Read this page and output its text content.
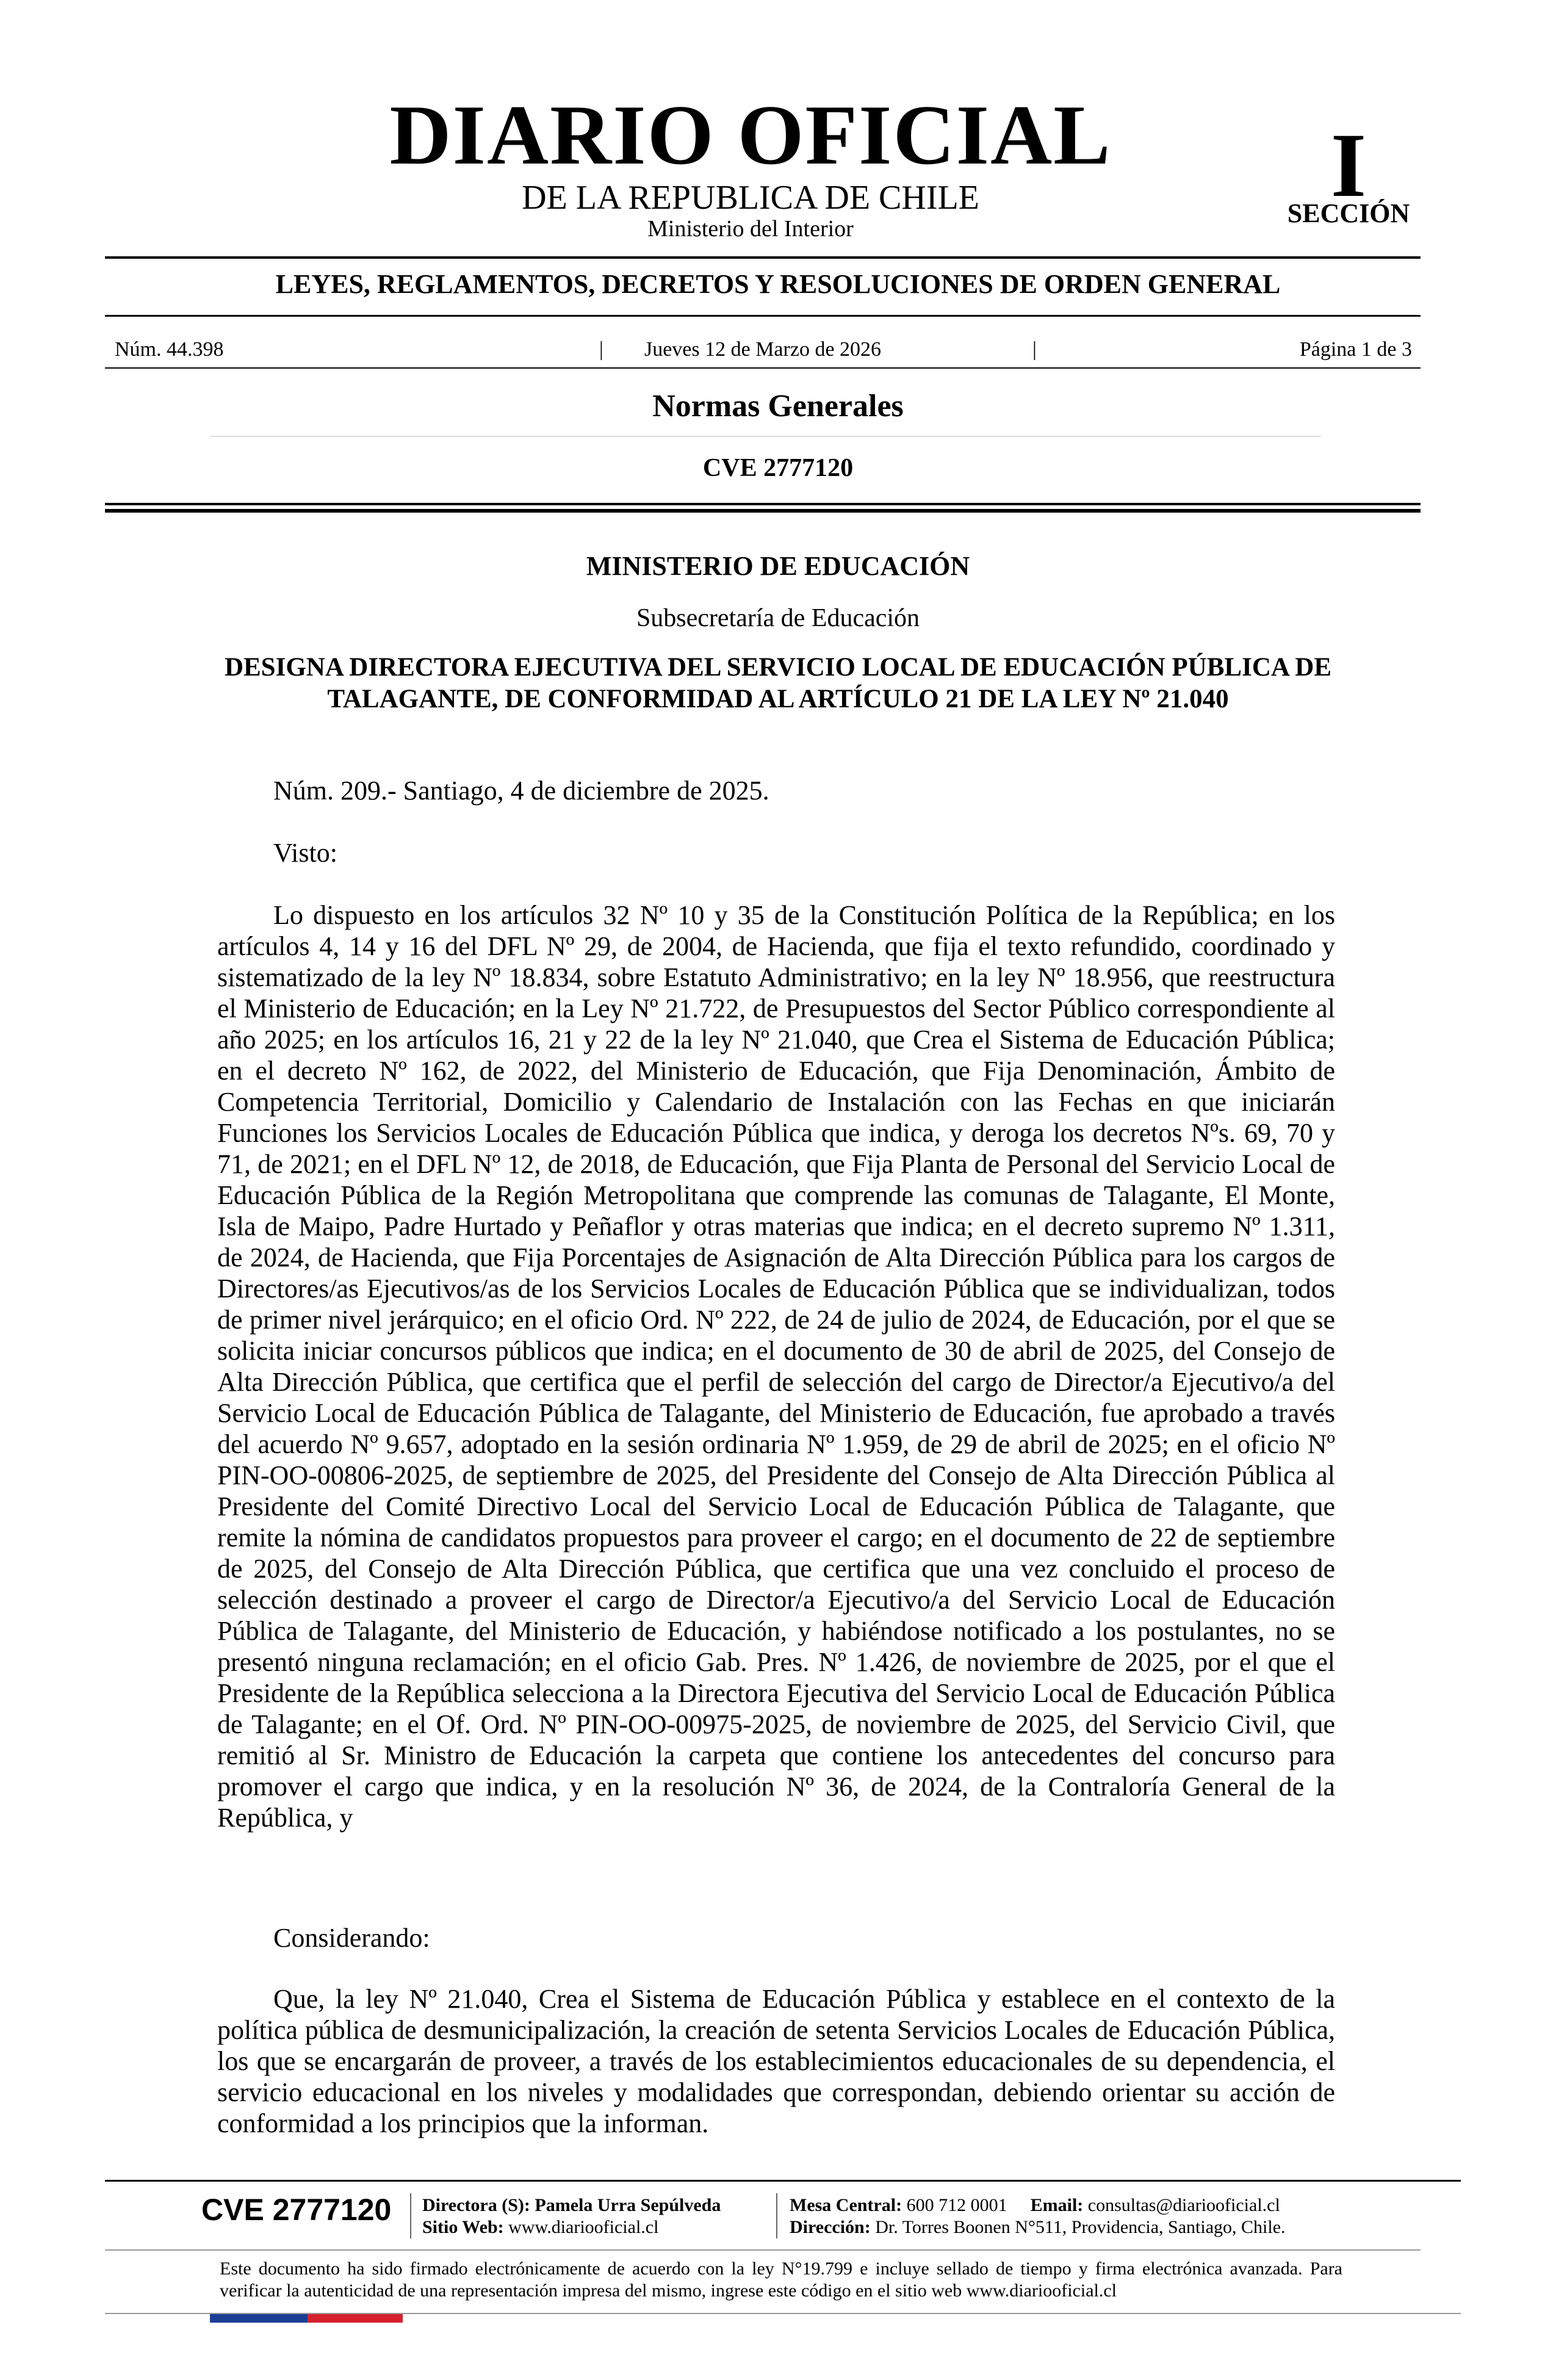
DIARIO OFICIAL
DE LA REPUBLICA DE CHILE
Ministerio del Interior
I
SECCIÓN
LEYES, REGLAMENTOS, DECRETOS Y RESOLUCIONES DE ORDEN GENERAL
Núm. 44.398	|	Jueves 12 de Marzo de 2026	|	Página 1 de 3
Normas Generales
CVE 2777120
MINISTERIO DE EDUCACIÓN
Subsecretaría de Educación
DESIGNA DIRECTORA EJECUTIVA DEL SERVICIO LOCAL DE EDUCACIÓN PÚBLICA DE TALAGANTE, DE CONFORMIDAD AL ARTÍCULO 21 DE LA LEY Nº 21.040
Núm. 209.- Santiago, 4 de diciembre de 2025.
Visto:
Lo dispuesto en los artículos 32 Nº 10 y 35 de la Constitución Política de la República; en los artículos 4, 14 y 16 del DFL Nº 29, de 2004, de Hacienda, que fija el texto refundido, coordinado y sistematizado de la ley Nº 18.834, sobre Estatuto Administrativo; en la ley Nº 18.956, que reestructura el Ministerio de Educación; en la Ley Nº 21.722, de Presupuestos del Sector Público correspondiente al año 2025; en los artículos 16, 21 y 22 de la ley Nº 21.040, que Crea el Sistema de Educación Pública; en el decreto Nº 162, de 2022, del Ministerio de Educación, que Fija Denominación, Ámbito de Competencia Territorial, Domicilio y Calendario de Instalación con las Fechas en que iniciarán Funciones los Servicios Locales de Educación Pública que indica, y deroga los decretos Nºs. 69, 70 y 71, de 2021; en el DFL Nº 12, de 2018, de Educación, que Fija Planta de Personal del Servicio Local de Educación Pública de la Región Metropolitana que comprende las comunas de Talagante, El Monte, Isla de Maipo, Padre Hurtado y Peñaflor y otras materias que indica; en el decreto supremo Nº 1.311, de 2024, de Hacienda, que Fija Porcentajes de Asignación de Alta Dirección Pública para los cargos de Directores/as Ejecutivos/as de los Servicios Locales de Educación Pública que se individualizan, todos de primer nivel jerárquico; en el oficio Ord. Nº 222, de 24 de julio de 2024, de Educación, por el que se solicita iniciar concursos públicos que indica; en el documento de 30 de abril de 2025, del Consejo de Alta Dirección Pública, que certifica que el perfil de selección del cargo de Director/a Ejecutivo/a del Servicio Local de Educación Pública de Talagante, del Ministerio de Educación, fue aprobado a través del acuerdo Nº 9.657, adoptado en la sesión ordinaria Nº 1.959, de 29 de abril de 2025; en el oficio Nº PIN-OO-00806-2025, de septiembre de 2025, del Presidente del Consejo de Alta Dirección Pública al Presidente del Comité Directivo Local del Servicio Local de Educación Pública de Talagante, que remite la nómina de candidatos propuestos para proveer el cargo; en el documento de 22 de septiembre de 2025, del Consejo de Alta Dirección Pública, que certifica que una vez concluido el proceso de selección destinado a proveer el cargo de Director/a Ejecutivo/a del Servicio Local de Educación Pública de Talagante, del Ministerio de Educación, y habiéndose notificado a los postulantes, no se presentó ninguna reclamación; en el oficio Gab. Pres. Nº 1.426, de noviembre de 2025, por el que el Presidente de la República selecciona a la Directora Ejecutiva del Servicio Local de Educación Pública de Talagante; en el Of. Ord. Nº PIN-OO-00975-2025, de noviembre de 2025, del Servicio Civil, que remitió al Sr. Ministro de Educación la carpeta que contiene los antecedentes del concurso para promover el cargo que indica, y en la resolución Nº 36, de 2024, de la Contraloría General de la República, y
Considerando:
Que, la ley Nº 21.040, Crea el Sistema de Educación Pública y establece en el contexto de la política pública de desmunicipalización, la creación de setenta Servicios Locales de Educación Pública, los que se encargarán de proveer, a través de los establecimientos educacionales de su dependencia, el servicio educacional en los niveles y modalidades que correspondan, debiendo orientar su acción de conformidad a los principios que la informan.
CVE 2777120 Directora (S): Pamela Urra Sepúlveda
Sitio Web: www.diariooficial.cl
Mesa Central: 600 712 0001 Email: consultas@diariooficial.cl
Dirección: Dr. Torres Boonen N°511, Providencia, Santiago, Chile.
Este documento ha sido firmado electrónicamente de acuerdo con la ley N°19.799 e incluye sellado de tiempo y firma electrónica avanzada. Para verificar la autenticidad de una representación impresa del mismo, ingrese este código en el sitio web www.diariooficial.cl
